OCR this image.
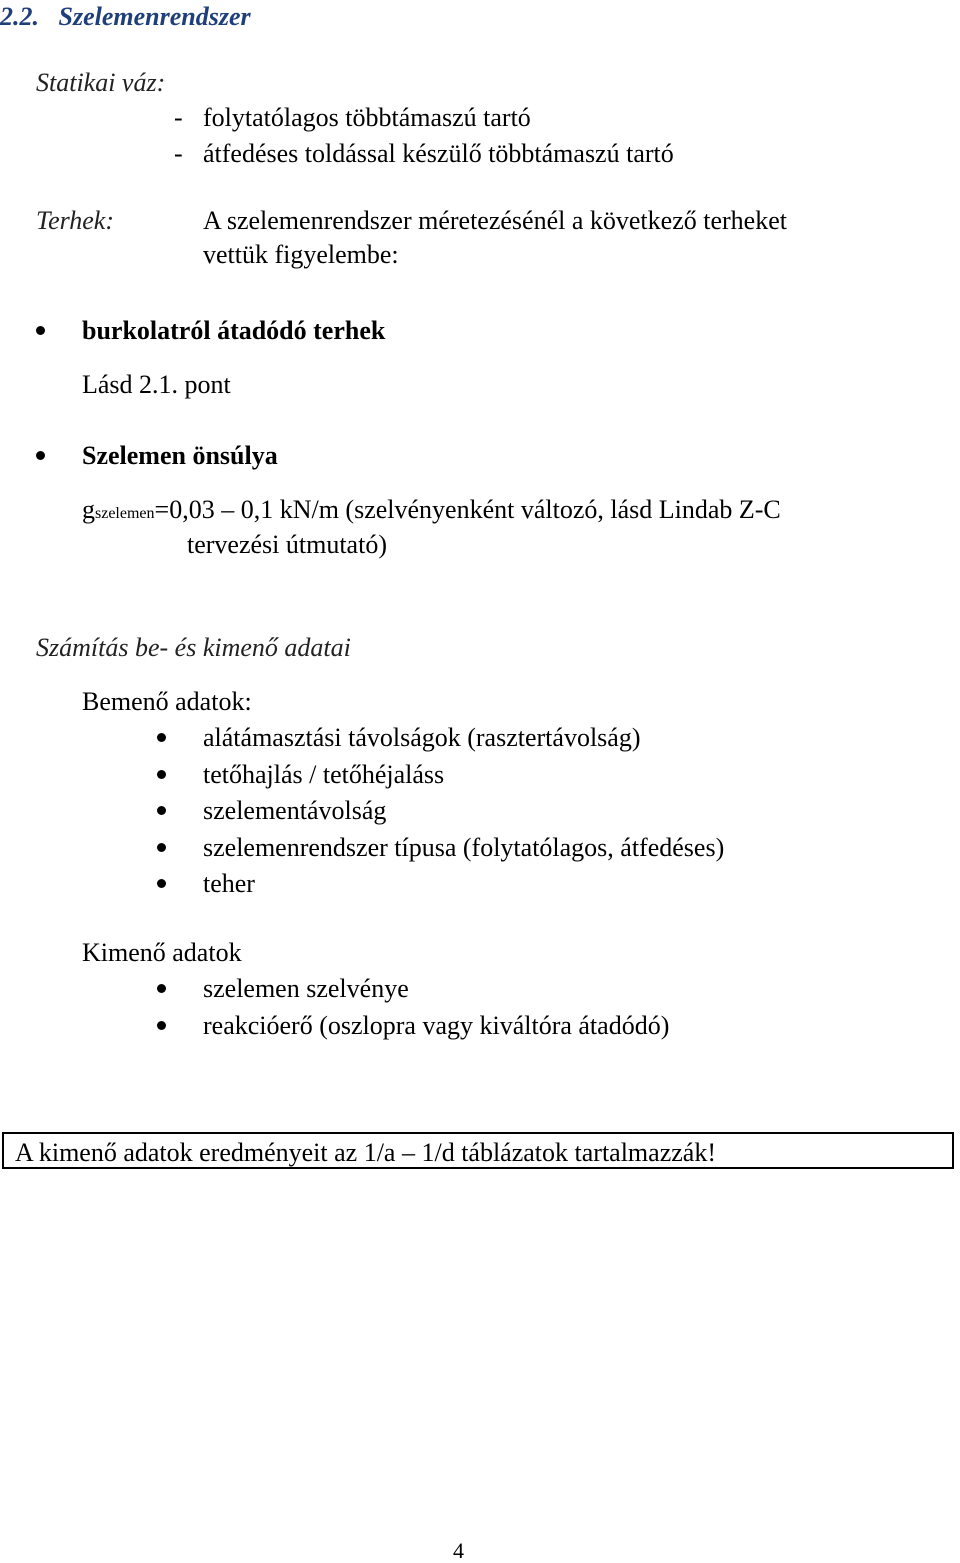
2.2. Szelemenrendszer
Statikai váz:
- folytatólagos többtámaszú tartó
- átfedéses toldással készülő többtámaszú tartó
Terhek:	A szelemenrendszer méretezésénél a következő terheket
vettük figyelembe:
burkolatról átadódó terhek
Lásd 2.1. pont
Szelemen önsúlya
gszelemen=0,03 – 0,1 kN/m (szelvényenként változó, lásd Lindab Z-C
tervezési útmutató)
Számítás be- és kimenő adatai
Bemenő adatok:
alátámasztási távolságok (rasztertávolság)
tetőhajlás / tetőhéjaláss
szelementávolság
szelemenrendszer típusa (folytatólagos, átfedéses)
teher
Kimenő adatok
szelemen szelvénye
reakcióerő (oszlopra vagy kiváltóra átadódó)
A kimenő adatok eredményeit az 1/a – 1/d táblázatok tartalmazzák!
4
